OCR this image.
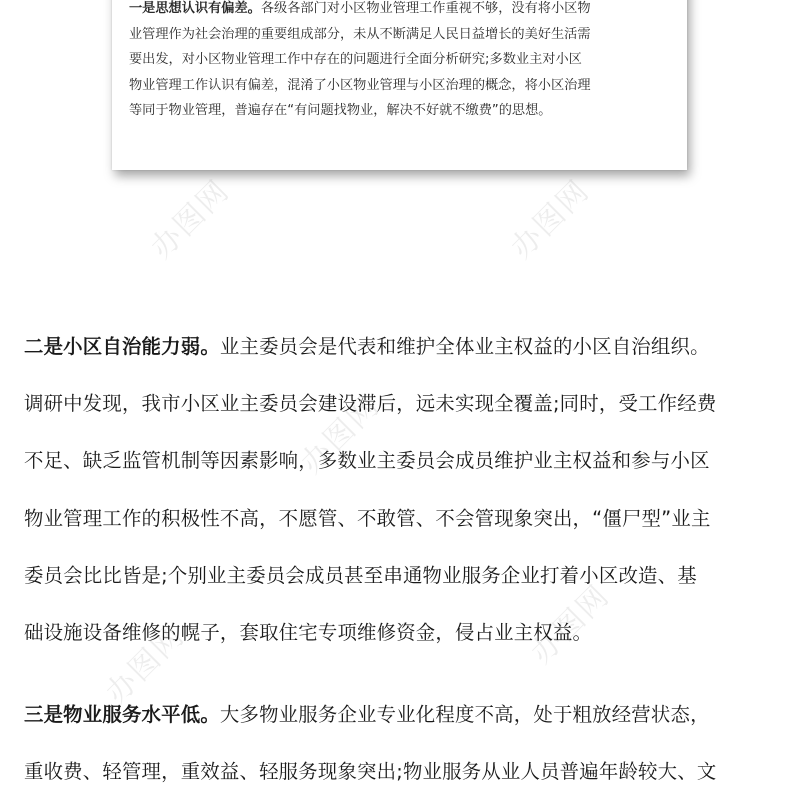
办图网	办图网
办图网
办图网
办图网
一是思想认识有偏差。各级各部门对小区物业管理工作重视不够，没有将小区物
业管理作为社会治理的重要组成部分，未从不断满足人民日益增长的美好生活需
要出发，对小区物业管理工作中存在的问题进行全面分析研究;多数业主对小区
物业管理工作认识有偏差，混淆了小区物业管理与小区治理的概念，将小区治理
等同于物业管理，普遍存在“有问题找物业，解决不好就不缴费”的思想。
二是小区自治能力弱。业主委员会是代表和维护全体业主权益的小区自治组织。
调研中发现，我市小区业主委员会建设滞后，远未实现全覆盖;同时，受工作经费
不足、缺乏监管机制等因素影响，多数业主委员会成员维护业主权益和参与小区
物业管理工作的积极性不高，不愿管、不敢管、不会管现象突出，“僵尸型”业主
委员会比比皆是;个别业主委员会成员甚至串通物业服务企业打着小区改造、基
础设施设备维修的幌子，套取住宅专项维修资金，侵占业主权益。
三是物业服务水平低。大多物业服务企业专业化程度不高，处于粗放经营状态，
重收费、轻管理，重效益、轻服务现象突出;物业服务从业人员普遍年龄较大、文
